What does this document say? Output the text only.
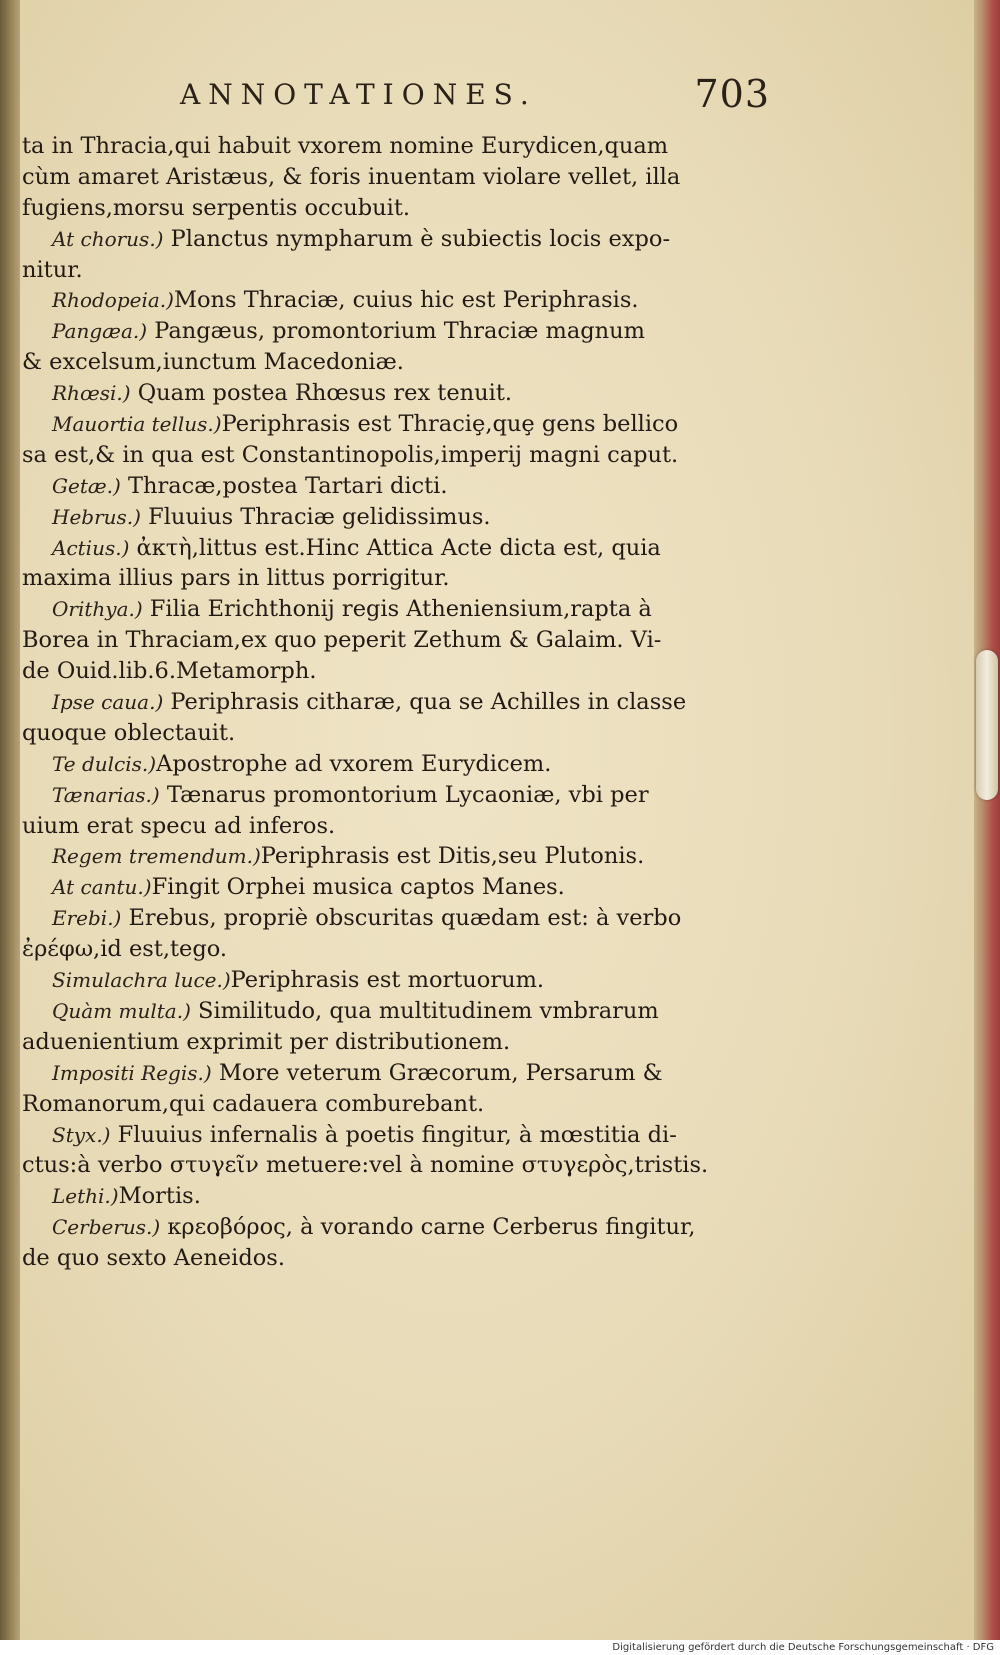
ANNOTATIONES.	703
ta in Thracia,qui habuit vxorem nomine Eurydicen,quam
cùm amaret Aristæus, & foris inuentam violare vellet, illa
fugiens,morsu serpentis occubuit.
At chorus.) Planctus nympharum è subiectis locis expo-
nitur.
Rhodopeia.)Mons Thraciæ, cuius hic est Periphrasis.
Pangæa.) Pangæus, promontorium Thraciæ magnum
& excelsum,iunctum Macedoniæ.
Rhœsi.) Quam postea Rhœsus rex tenuit.
Mauortia tellus.)Periphrasis est Thraciȩ,quȩ gens bellico
sa est,& in qua est Constantinopolis,imperij magni caput.
Getæ.) Thracæ,postea Tartari dicti.
Hebrus.) Fluuius Thraciæ gelidissimus.
Actius.) ἀκτὴ,littus est.Hinc Attica Acte dicta est, quia
maxima illius pars in littus porrigitur.
Orithya.) Filia Erichthonij regis Atheniensium,rapta à
Borea in Thraciam,ex quo peperit Zethum & Galaim. Vi-
de Ouid.lib.6.Metamorph.
Ipse caua.) Periphrasis citharæ, qua se Achilles in classe
quoque oblectauit.
Te dulcis.)Apostrophe ad vxorem Eurydicem.
Tænarias.) Tænarus promontorium Lycaoniæ, vbi per
uium erat specu ad inferos.
Regem tremendum.)Periphrasis est Ditis,seu Plutonis.
At cantu.)Fingit Orphei musica captos Manes.
Erebi.) Erebus, propriè obscuritas quædam est: à verbo
ἐρέφω,id est,tego.
Simulachra luce.)Periphrasis est mortuorum.
Quàm multa.) Similitudo, qua multitudinem vmbrarum
aduenientium exprimit per distributionem.
Impositi Regis.) More veterum Græcorum, Persarum &
Romanorum,qui cadauera comburebant.
Styx.) Fluuius infernalis à poetis fingitur, à mœstitia di-
ctus:à verbo στυγεῖν metuere:vel à nomine στυγερὸς,tristis.
Lethi.)Mortis.
Cerberus.) κρεοβόρος, à vorando carne Cerberus fingitur,
de quo sexto Aeneidos.
Digitalisierung gefördert durch die Deutsche Forschungsgemeinschaft · DFG
